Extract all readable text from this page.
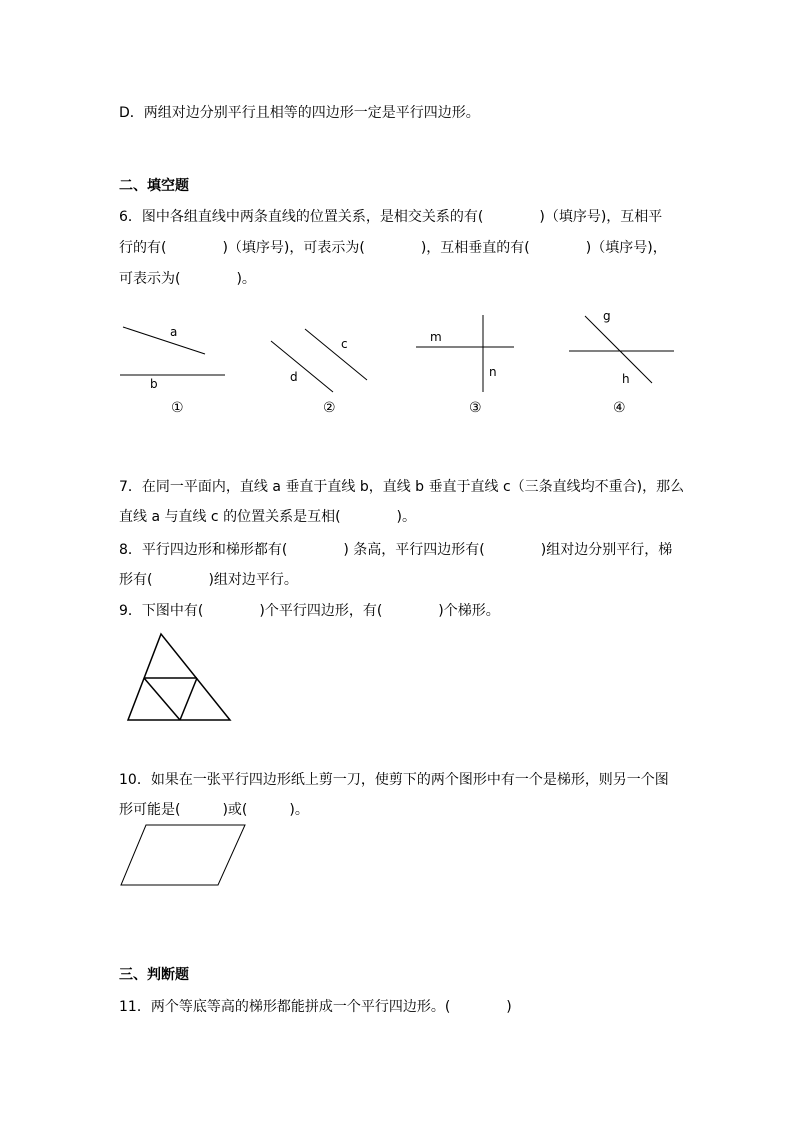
D．两组对边分别平行且相等的四边形一定是平行四边形。
二、填空题
6．图中各组直线中两条直线的位置关系，是相交关系的有(　　　　)（填序号)，互相平
行的有(　　　　)（填序号)，可表示为(　　　　)，互相垂直的有(　　　　)（填序号)，
可表示为(　　　　)。
a
b
①
c
d
②
m
n
③
g
h
④
7．在同一平面内，直线 a 垂直于直线 b，直线 b 垂直于直线 c（三条直线均不重合)，那么
直线 a 与直线 c 的位置关系是互相(　　　　)。
8．平行四边形和梯形都有(　　　　) 条高，平行四边形有(　　　　)组对边分别平行，梯
形有(　　　　)组对边平行。
9．下图中有(　　　　)个平行四边形，有(　　　　)个梯形。
10．如果在一张平行四边形纸上剪一刀，使剪下的两个图形中有一个是梯形，则另一个图
形可能是(　　　)或(　　　)。
三、判断题
11．两个等底等高的梯形都能拼成一个平行四边形。(　　　　)
